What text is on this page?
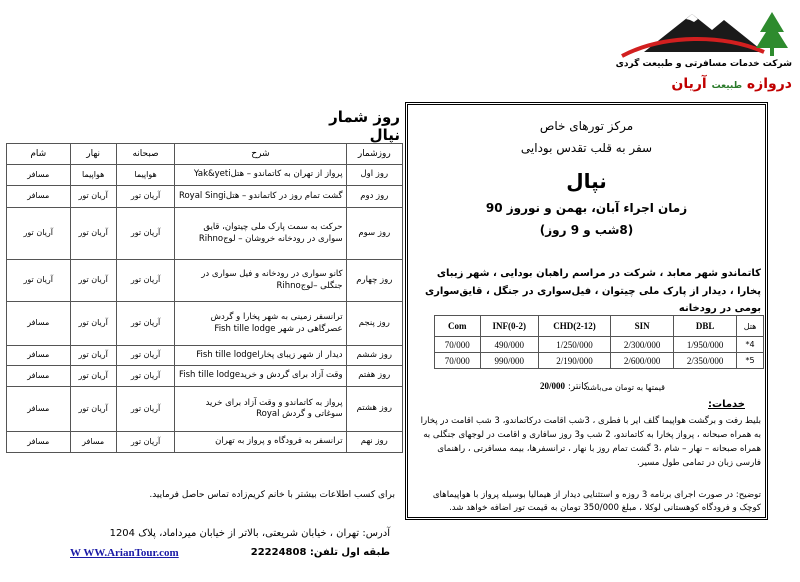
روز شمار نپال
روزشمار	شرح	صبحانه	نهار	شام
روز اول	پرواز از تهران به کاتماندو – هتلYak&yeti	هواپیما	هواپیما	مسافر
روز دوم	گشت تمام روز در کاتماندو – هتلRoyal Singi	آریان تور	آریان تور	مسافر
روز سوم	حرکت به سمت پارک ملی چیتوان، قایق سواری در رودخانه خروشان – لوجRihno	آریان تور	آریان تور	آریان تور
روز چهارم	کانو سواری در رودخانه و فیل سواری در جنگلی –لوجRihno	آریان تور	آریان تور	آریان تور
روز پنجم	ترانسفر زمینی به شهر پخارا و گردش عصرگاهی در شهر Fish tille lodge	آریان تور	آریان تور	مسافر
روز ششم	دیدار از شهر زیبای پخاراFish tille lodge	آریان تور	آریان تور	مسافر
روز هفتم	وقت آزاد برای گردش و خریدFish tille lodge	آریان تور	آریان تور	مسافر
روز هشتم	پرواز به کاتماندو و وقت آزاد برای خرید سوغاتی و گردش Royal	آریان تور	آریان تور	مسافر
روز نهم	ترانسفر به فرودگاه و پرواز به تهران	آریان تور	مسافر	مسافر
برای کسب اطلاعات بیشتر با خانم کریم‌زاده تماس حاصل فرمایید.
آدرس: تهران ، خیابان شریعتی، بالاتر از خیابان میرداماد، پلاک 1204
طبقه اول تلفن: 22224808
W WW.ArianTour.com
شرکت خدمات مسافرتی و طبیعت گردی
دروازه طبیعت آریان
مرکز تورهای خاص
سفر به قلب تقدس بودایی
نپال
زمان اجراء آبان، بهمن و نوروز 90
(8شب و 9 روز)
کاتماندو شهر معابد ، شرکت در مراسم راهبان بودایی ، شهر زیبای پخارا ، دیدار از پارک ملی چیتوان ، فیل‌سواری در جنگل ، قایق‌سواری بومی در رودخانه
Com	INF(0-2)	CHD(2-12)	SIN	DBL	هتل
70/000	490/000	1/250/000	2/300/000	1/950/000	4*
70/000	990/000	2/190/000	2/600/000	2/350/000	5*
قیمتها به تومان می‌باشد.
کانتر: 20/000
خدمات:
بلیط رفت و برگشت هواپیما گلف ایر با فطری ، 3شب اقامت درکاتماندو، 3 شب اقامت در پخارا به همراه صبحانه ، پرواز پخارا به کاتماندو، 2 شب و3 روز سافاری و اقامت در لوجهای جنگلی به همراه صبحانه – نهار – شام ،3 گشت تمام روز با نهار ، ترانسفرها، بیمه مسافرتی ، راهنمای فارسی زبان در تمامی طول مسیر.
توضیح: در صورت اجرای برنامه 3 روزه و استثنایی دیدار از هیمالیا بوسیله پرواز با هواپیماهای کوچک و فرودگاه کوهستانی لوکلا ، مبلغ 350/000 تومان به قیمت تور اضافه خواهد شد.
